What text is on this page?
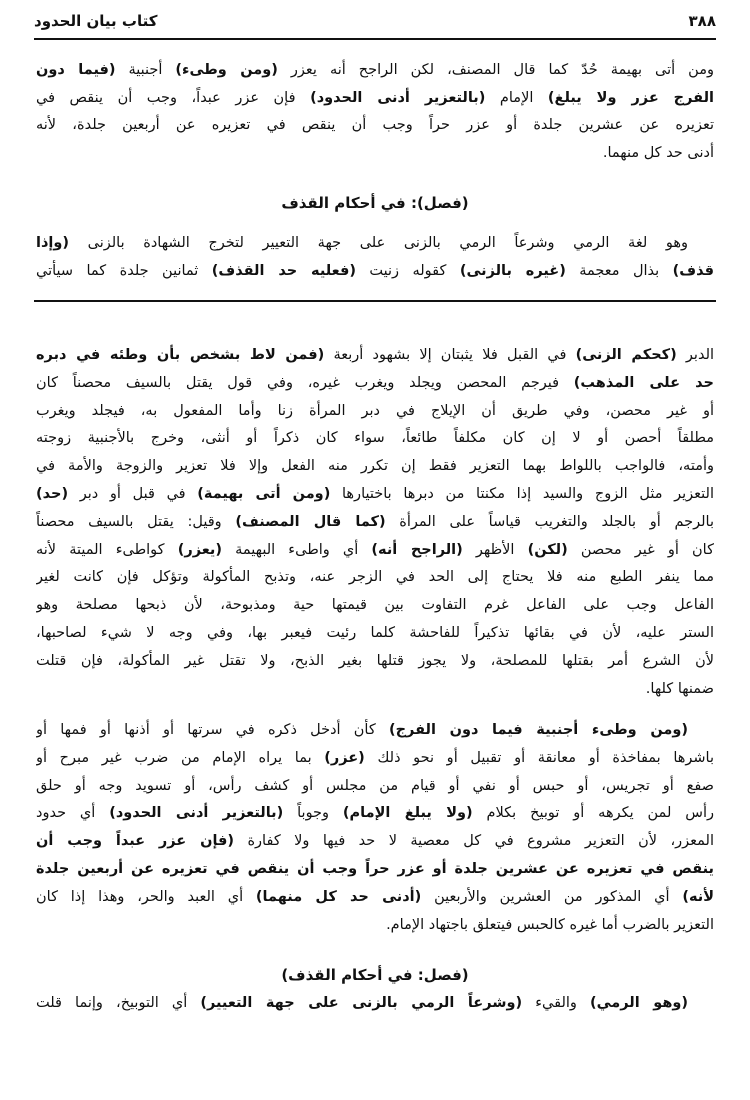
٣٨٨
كتاب بيان الحدود
ومن أتى بهيمة حُدّ كما قال المصنف، لكن الراجح أنه يعزر (ومن وطىء) أجنبية (فيما دون
الفرج عزر ولا يبلغ) الإمام (بالتعزير أدنى الحدود) فإن عزر عبداً، وجب أن ينقص في
تعزيره عن عشرين جلدة أو عزر حراً وجب أن ينقص في تعزيره عن أربعين جلدة، لأنه
أدنى حد كل منهما.
(فصل): في أحكام القذف
وهو لغة الرمي وشرعاً الرمي بالزنى على جهة التعيير لتخرج الشهادة بالزنى (وإذا
قذف) بذال معجمة (غيره بالزنى) كقوله زنيت (فعليه حد القذف) ثمانين جلدة كما سيأتي
الدبر (كحكم الزنى) في القبل فلا يثبتان إلا بشهود أربعة (فمن لاط بشخص بأن وطئه في دبره
حد على المذهب) فيرجم المحصن ويجلد ويغرب غيره، وفي قول يقتل بالسيف محصناً كان
أو غير محصن، وفي طريق أن الإيلاج في دبر المرأة زنا وأما المفعول به، فيجلد ويغرب
مطلقاً أحصن أو لا إن كان مكلفاً طائعاً، سواء كان ذكراً أو أنثى، وخرج بالأجنبية زوجته
وأمته، فالواجب باللواط بهما التعزير فقط إن تكرر منه الفعل وإلا فلا تعزير والزوجة والأمة في
التعزير مثل الزوج والسيد إذا مكنتا من دبرها باختيارها (ومن أتى بهيمة) في قبل أو دبر (حد)
بالرجم أو بالجلد والتغريب قياساً على المرأة (كما قال المصنف) وقيل: يقتل بالسيف محصناً
كان أو غير محصن (لكن) الأظهر (الراجح أنه) أي واطىء البهيمة (يعزر) كواطىء الميتة لأنه
مما ينفر الطبع منه فلا يحتاج إلى الحد في الزجر عنه، وتذبح المأكولة وتؤكل فإن كانت لغير
الفاعل وجب على الفاعل غرم التفاوت بين قيمتها حية ومذبوحة، لأن ذبحها مصلحة وهو
الستر عليه، لأن في بقائها تذكيراً للفاحشة كلما رئيت فيعبر بها، وفي وجه لا شيء لصاحبها،
لأن الشرع أمر بقتلها للمصلحة، ولا يجوز قتلها بغير الذبح، ولا تقتل غير المأكولة، فإن قتلت
ضمنها كلها.
(ومن وطىء أجنبية فيما دون الفرج) كأن أدخل ذكره في سرتها أو أذنها أو فمها أو
باشرها بمفاخذة أو معانقة أو تقبيل أو نحو ذلك (عزر) بما يراه الإمام من ضرب غير مبرح أو
صفع أو تجريس، أو حبس أو نفي أو قيام من مجلس أو كشف رأس، أو تسويد وجه أو حلق
رأس لمن يكرهه أو توبيخ بكلام (ولا يبلغ الإمام) وجوباً (بالتعزير أدنى الحدود) أي حدود
المعزر، لأن التعزير مشروع في كل معصية لا حد فيها ولا كفارة (فإن عزر عبداً وجب أن
ينقص في تعزيره عن عشرين جلدة أو عزر حراً وجب أن ينقص في تعزيره عن أربعين جلدة
لأنه) أي المذكور من العشرين والأربعين (أدنى حد كل منهما) أي العبد والحر، وهذا إذا كان
التعزير بالضرب أما غيره كالحبس فيتعلق باجتهاد الإمام.
(فصل: في أحكام القذف)
(وهو الرمي) والقيء (وشرعاً الرمي بالزنى على جهة التعيير) أي التوبيخ، وإنما قلت
